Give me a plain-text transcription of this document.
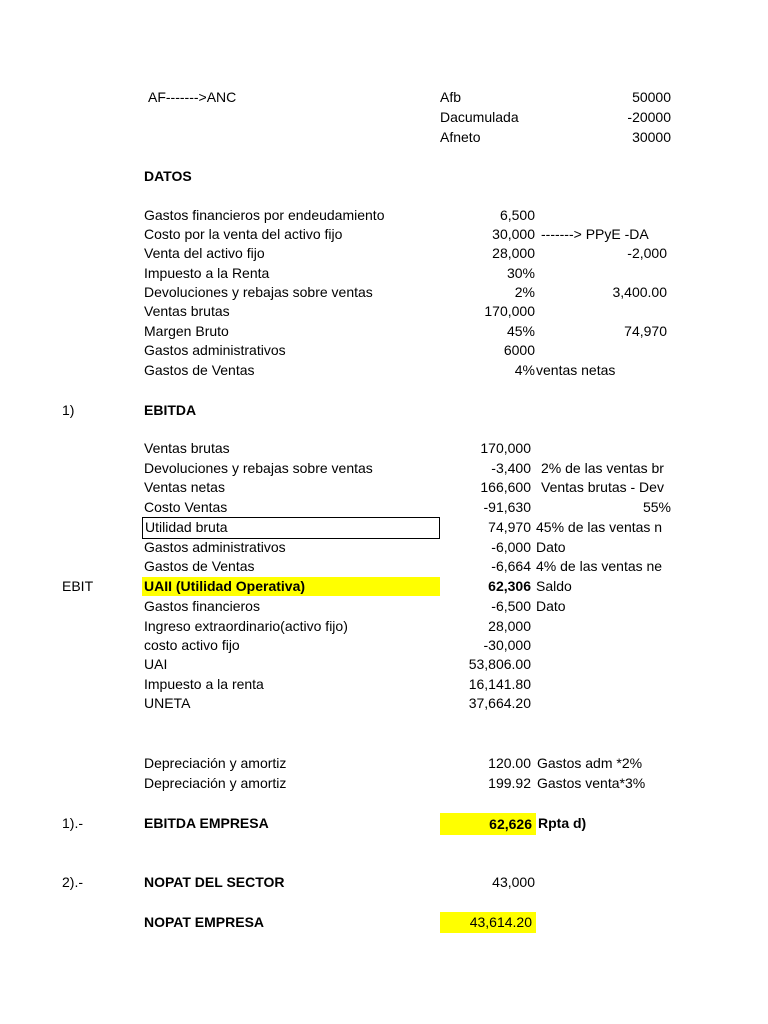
AF------->ANC	Afb	50000
Dacumulada	-20000
Afneto	30000
DATOS
Gastos financieros por endeudamiento	6,500
Costo por la venta del activo fijo	30,000 -------> PPyE -DA
Venta del activo fijo	28,000	-2,000
Impuesto a la Renta	30%
Devoluciones y rebajas sobre ventas	2%	3,400.00
Ventas brutas	170,000
Margen Bruto	45%	74,970
Gastos administrativos	6000
Gastos de Ventas	4% ventas netas
1)	EBITDA
Ventas brutas	170,000
Devoluciones y rebajas sobre ventas	-3,400 2% de las ventas br
Ventas netas	166,600 Ventas brutas - Dev
Costo Ventas	-91,630	55%
Utilidad bruta	74,970 45% de las ventas n
Gastos administrativos	-6,000 Dato
Gastos de Ventas	-6,664 4% de las ventas ne
EBIT	UAII (Utilidad Operativa)	62,306 Saldo
Gastos financieros	-6,500 Dato
Ingreso extraordinario(activo fijo)	28,000
costo activo fijo	-30,000
UAI	53,806.00
Impuesto a la renta	16,141.80
UNETA	37,664.20
Depreciación y amortiz	120.00 Gastos adm *2%
Depreciación y amortiz	199.92 Gastos venta*3%
1).-	EBITDA EMPRESA	62,626 Rpta d)
2).-	NOPAT DEL SECTOR	43,000
NOPAT EMPRESA	43,614.20
